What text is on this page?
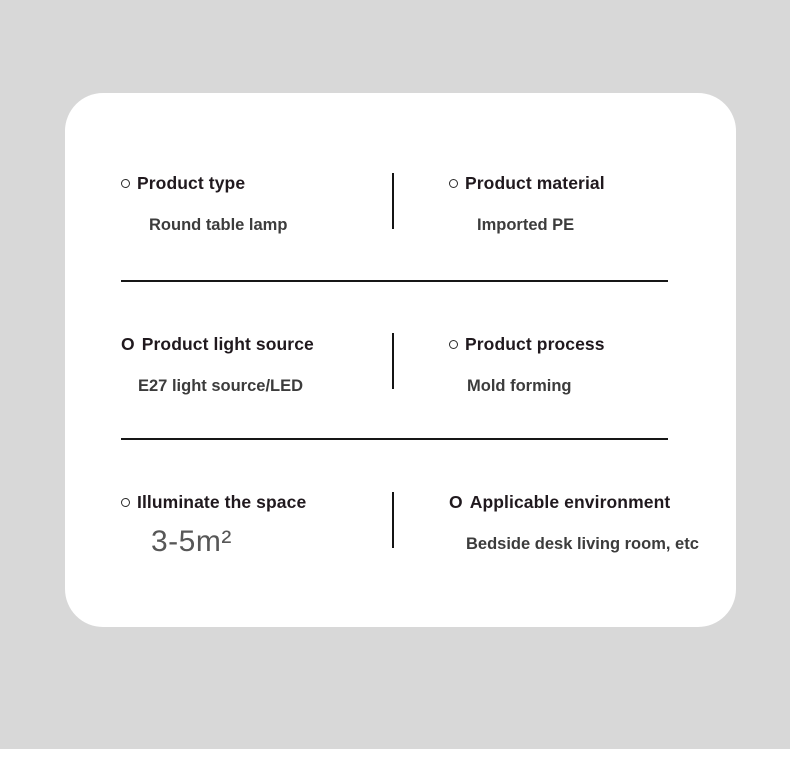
Product type
Round table lamp
Product material
Imported PE
O Product light source
E27 light source/LED
Product process
Mold forming
Illuminate the space
3-5m²
O Applicable environment
Bedside desk living room, etc
